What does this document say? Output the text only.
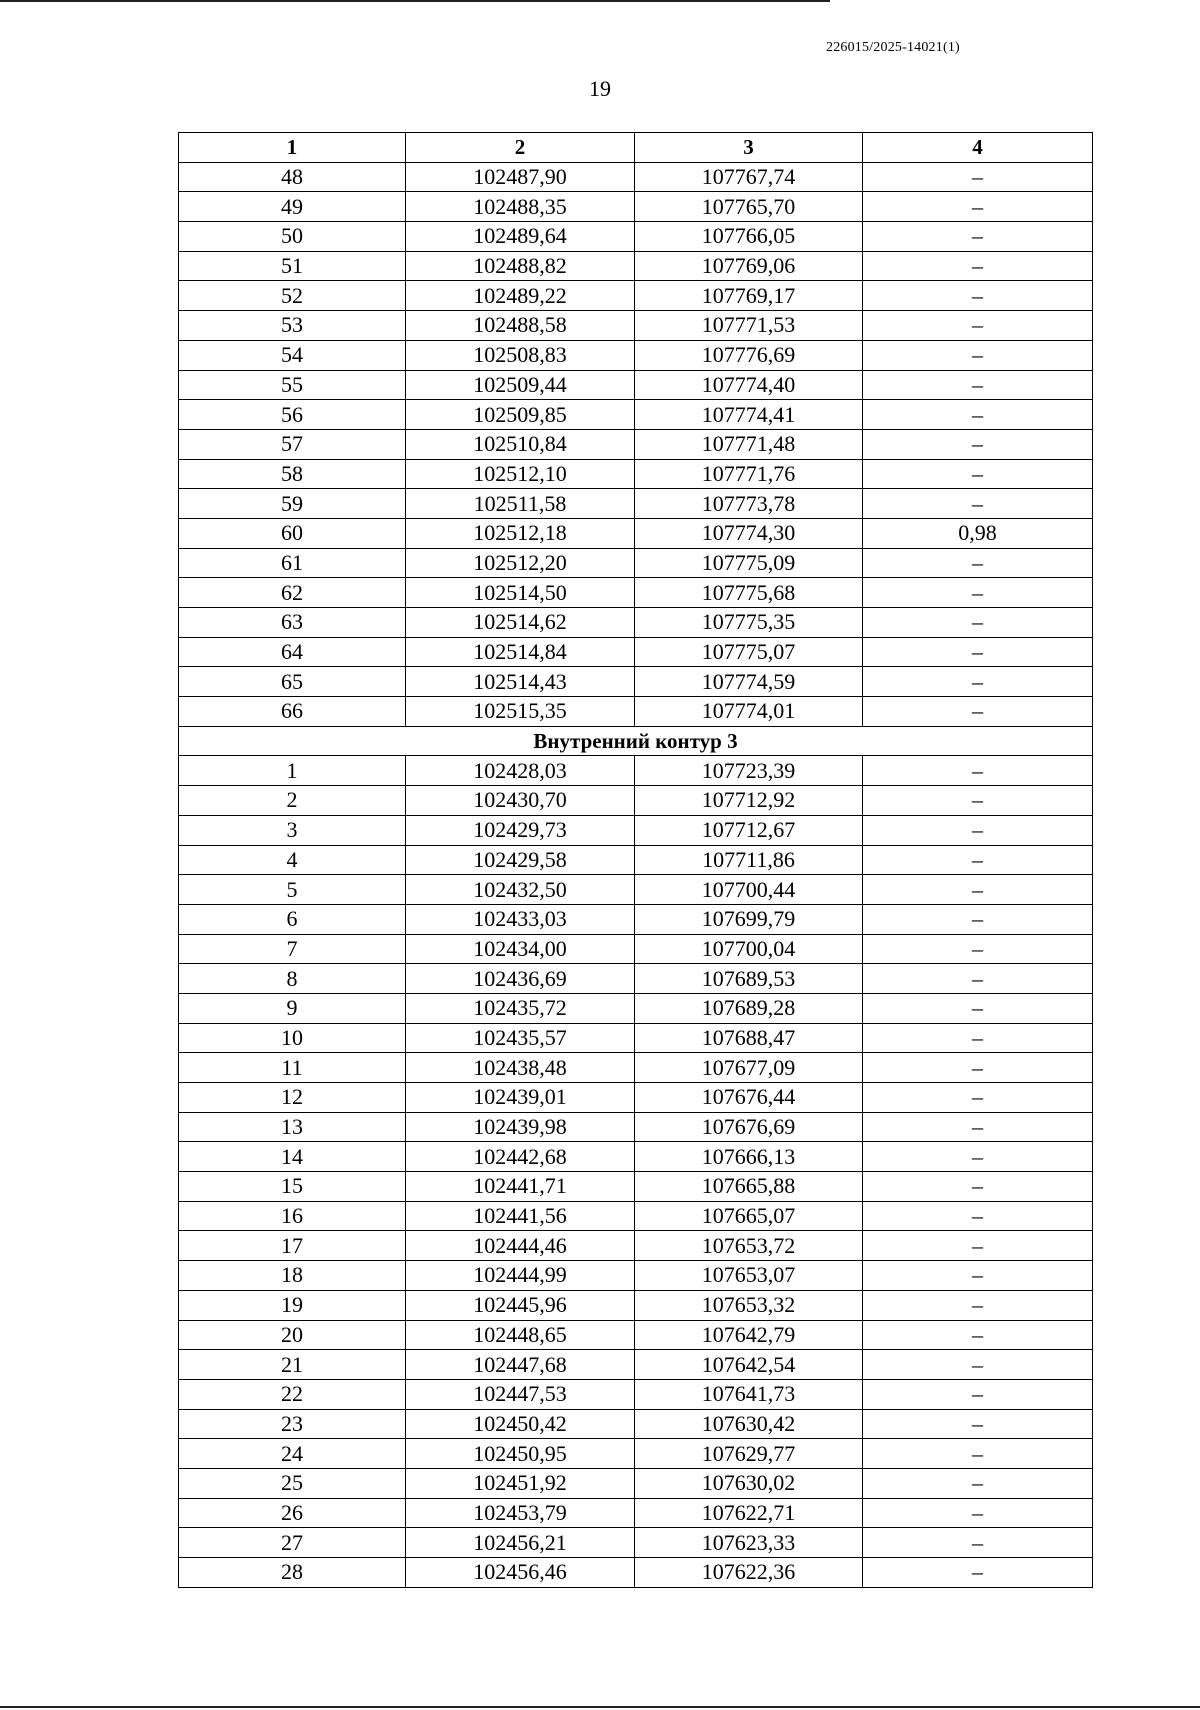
226015/2025-14021(1)
19
1	2	3	4
48	102487,90	107767,74	–
49	102488,35	107765,70	–
50	102489,64	107766,05	–
51	102488,82	107769,06	–
52	102489,22	107769,17	–
53	102488,58	107771,53	–
54	102508,83	107776,69	–
55	102509,44	107774,40	–
56	102509,85	107774,41	–
57	102510,84	107771,48	–
58	102512,10	107771,76	–
59	102511,58	107773,78	–
60	102512,18	107774,30	0,98
61	102512,20	107775,09	–
62	102514,50	107775,68	–
63	102514,62	107775,35	–
64	102514,84	107775,07	–
65	102514,43	107774,59	–
66	102515,35	107774,01	–
Внутренний контур 3			
1	102428,03	107723,39	–
2	102430,70	107712,92	–
3	102429,73	107712,67	–
4	102429,58	107711,86	–
5	102432,50	107700,44	–
6	102433,03	107699,79	–
7	102434,00	107700,04	–
8	102436,69	107689,53	–
9	102435,72	107689,28	–
10	102435,57	107688,47	–
11	102438,48	107677,09	–
12	102439,01	107676,44	–
13	102439,98	107676,69	–
14	102442,68	107666,13	–
15	102441,71	107665,88	–
16	102441,56	107665,07	–
17	102444,46	107653,72	–
18	102444,99	107653,07	–
19	102445,96	107653,32	–
20	102448,65	107642,79	–
21	102447,68	107642,54	–
22	102447,53	107641,73	–
23	102450,42	107630,42	–
24	102450,95	107629,77	–
25	102451,92	107630,02	–
26	102453,79	107622,71	–
27	102456,21	107623,33	–
28	102456,46	107622,36	–
